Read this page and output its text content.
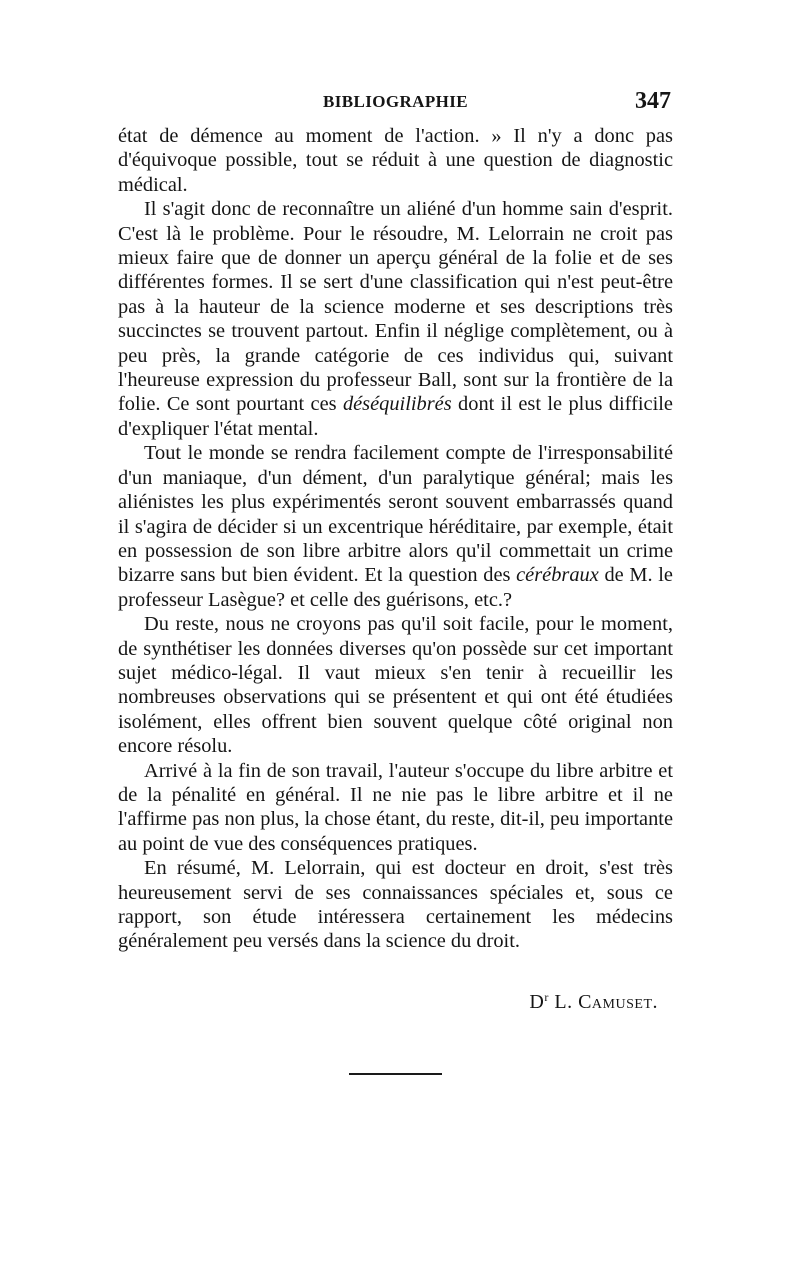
BIBLIOGRAPHIE	347

état de démence au moment de l'action. » Il n'y a donc pas d'équivoque possible, tout se réduit à une question de diagnostic médical.

Il s'agit donc de reconnaître un aliéné d'un homme sain d'esprit. C'est là le problème. Pour le résoudre, M. Lelorrain ne croit pas mieux faire que de donner un aperçu général de la folie et de ses différentes formes. Il se sert d'une classification qui n'est peut-être pas à la hauteur de la science moderne et ses descriptions très succinctes se trouvent partout. Enfin il néglige complètement, ou à peu près, la grande catégorie de ces individus qui, suivant l'heureuse expression du professeur Ball, sont sur la frontière de la folie. Ce sont pourtant ces déséquilibrés dont il est le plus difficile d'expliquer l'état mental.

Tout le monde se rendra facilement compte de l'irresponsabilité d'un maniaque, d'un dément, d'un paralytique général; mais les aliénistes les plus expérimentés seront souvent embarrassés quand il s'agira de décider si un excentrique héréditaire, par exemple, était en possession de son libre arbitre alors qu'il commettait un crime bizarre sans but bien évident. Et la question des cérébraux de M. le professeur Lasègue? et celle des guérisons, etc.?

Du reste, nous ne croyons pas qu'il soit facile, pour le moment, de synthétiser les données diverses qu'on possède sur cet important sujet médico-légal. Il vaut mieux s'en tenir à recueillir les nombreuses observations qui se présentent et qui ont été étudiées isolément, elles offrent bien souvent quelque côté original non encore résolu.

Arrivé à la fin de son travail, l'auteur s'occupe du libre arbitre et de la pénalité en général. Il ne nie pas le libre arbitre et il ne l'affirme pas non plus, la chose étant, du reste, dit-il, peu importante au point de vue des conséquences pratiques.

En résumé, M. Lelorrain, qui est docteur en droit, s'est très heureusement servi de ses connaissances spéciales et, sous ce rapport, son étude intéressera certainement les médecins généralement peu versés dans la science du droit.

$D^r$ L. Camuset.
